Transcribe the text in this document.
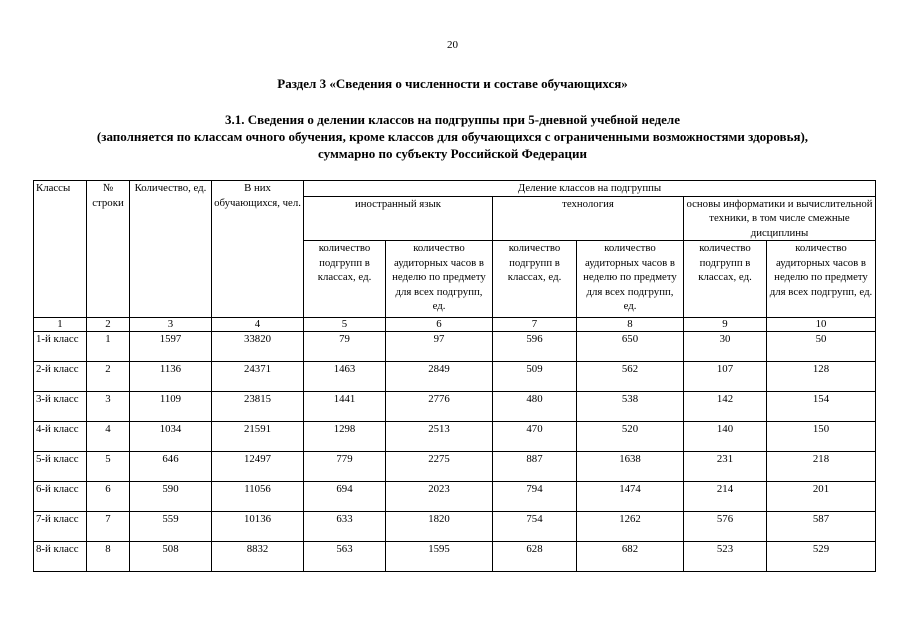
20
Раздел 3 «Сведения о численности и составе обучающихся»
3.1. Сведения о делении классов на подгруппы при 5-дневной учебной неделе
(заполняется по классам очного обучения, кроме классов для обучающихся с ограниченными возможностями здоровья),
суммарно по субъекту Российской Федерации
Классы	№ строки	Количество, ед.	В них обучающихся, чел.	Деление классов на подгруппы					
				иностранный язык		технология		основы информатики и вычислительной техники, в том числе смежные дисциплины	
				количество подгрупп в классах, ед.	количество аудиторных часов в неделю по предмету для всех подгрупп, ед.	количество подгрупп в классах, ед.	количество аудиторных часов в неделю по предмету для всех подгрупп, ед.	количество подгрупп в классах, ед.	количество аудиторных часов в неделю по предмету для всех подгрупп, ед.
1	2	3	4	5	6	7	8	9	10
1-й класс	1	1597	33820	79	97	596	650	30	50
2-й класс	2	1136	24371	1463	2849	509	562	107	128
3-й класс	3	1109	23815	1441	2776	480	538	142	154
4-й класс	4	1034	21591	1298	2513	470	520	140	150
5-й класс	5	646	12497	779	2275	887	1638	231	218
6-й класс	6	590	11056	694	2023	794	1474	214	201
7-й класс	7	559	10136	633	1820	754	1262	576	587
8-й класс	8	508	8832	563	1595	628	682	523	529
